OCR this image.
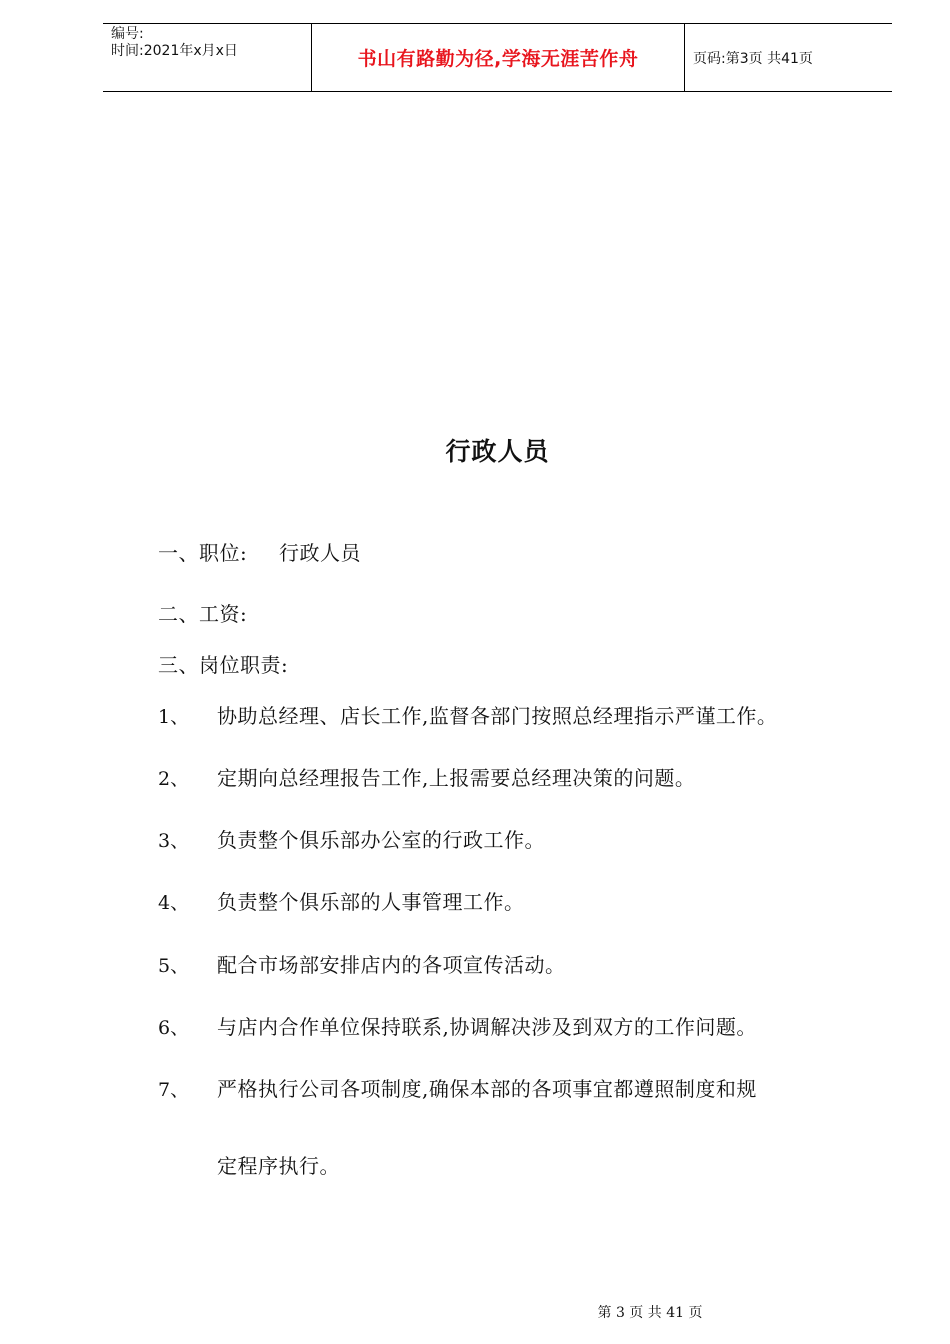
编号:
时间:2021年x月x日	书山有路勤为径,学海无涯苦作舟	页码:第3页 共41页
行政人员
一、职位: 行政人员
二、工资:
三、岗位职责:
1、 协助总经理、店长工作,监督各部门按照总经理指示严谨工作。
2、 定期向总经理报告工作,上报需要总经理决策的问题。
3、 负责整个俱乐部办公室的行政工作。
4、 负责整个俱乐部的人事管理工作。
5、 配合市场部安排店内的各项宣传活动。
6、 与店内合作单位保持联系,协调解决涉及到双方的工作问题。
7、 严格执行公司各项制度,确保本部的各项事宜都遵照制度和规
定程序执行。
第 3 页 共 41 页
